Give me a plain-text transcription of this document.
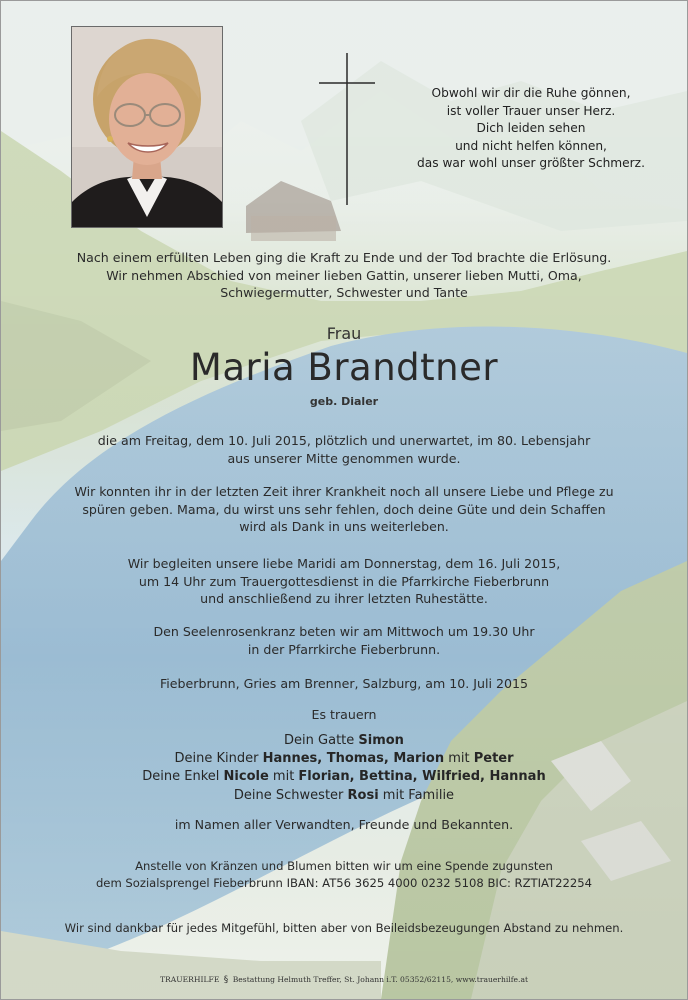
Obwohl wir dir die Ruhe gönnen,
ist voller Trauer unser Herz.
Dich leiden sehen
und nicht helfen können,
das war wohl unser größter Schmerz.
Nach einem erfüllten Leben ging die Kraft zu Ende und der Tod brachte die Erlösung.
Wir nehmen Abschied von meiner lieben Gattin, unserer lieben Mutti, Oma,
Schwiegermutter, Schwester und Tante
Frau
Maria Brandtner
geb. Dialer
die am Freitag, dem 10. Juli 2015, plötzlich und unerwartet, im 80. Lebensjahr
aus unserer Mitte genommen wurde.
Wir konnten ihr in der letzten Zeit ihrer Krankheit noch all unsere Liebe und Pflege zu
spüren geben. Mama, du wirst uns sehr fehlen, doch deine Güte und dein Schaffen
wird als Dank in uns weiterleben.
Wir begleiten unsere liebe Maridi am Donnerstag, dem 16. Juli 2015,
um 14 Uhr zum Trauergottesdienst in die Pfarrkirche Fieberbrunn
und anschließend zu ihrer letzten Ruhestätte.
Den Seelenrosenkranz beten wir am Mittwoch um 19.30 Uhr
in der Pfarrkirche Fieberbrunn.
Fieberbrunn, Gries am Brenner, Salzburg, am 10. Juli 2015
Es trauern
Dein Gatte Simon
Deine Kinder Hannes, Thomas, Marion mit Peter
Deine Enkel Nicole mit Florian, Bettina, Wilfried, Hannah
Deine Schwester Rosi mit Familie
im Namen aller Verwandten, Freunde und Bekannten.
Anstelle von Kränzen und Blumen bitten wir um eine Spende zugunsten
dem Sozialsprengel Fieberbrunn IBAN: AT56 3625 4000 0232 5108 BIC: RZTIAT22254
Wir sind dankbar für jedes Mitgefühl, bitten aber von Beileidsbezeugungen Abstand zu nehmen.
TRAUERHILFE § Bestattung Helmuth Treffer, St. Johann i.T. 05352/62115, www.trauerhilfe.at
